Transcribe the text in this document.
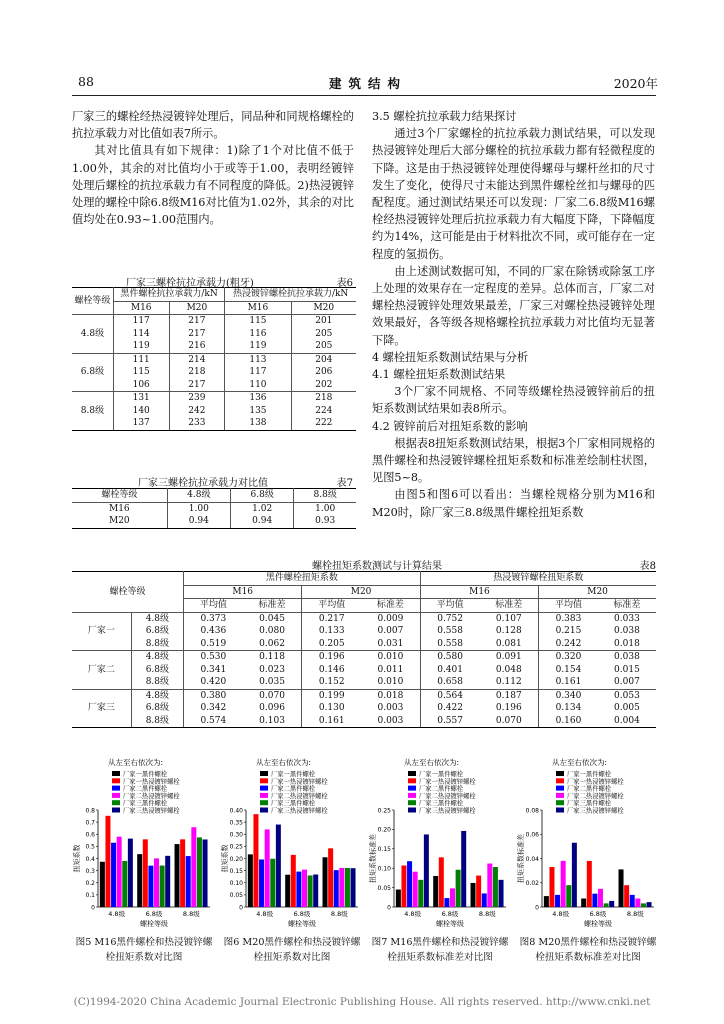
88	建筑结构	2020年

厂家三的螺栓经热浸镀锌处理后，同品种和同规格螺栓的抗拉承载力对比值如表7所示。

其对比值具有如下规律：1)除了1个对比值不低于1.00外，其余的对比值均小于或等于1.00，表明经镀锌处理后螺栓的抗拉承载力有不同程度的降低。2)热浸镀锌处理的螺栓中除6.8级M16对比值为1.02外，其余的对比值均处在0.93~1.00范围内。

厂家三螺栓抗拉承载力(粗牙)	表6
螺栓等级	黑件螺栓抗拉承载力/kN		热浸镀锌螺栓抗拉承载力/kN	
	M16	M20	M16	M20
4.8级	117	217	115	201
	114	217	116	205
	119	216	119	205
6.8级	111	214	113	204
	115	218	117	206
	106	217	110	202
8.8级	131	239	136	218
	140	242	135	224
	137	233	138	222
厂家三螺栓抗拉承载力对比值	表7
螺栓等级	4.8级	6.8级	8.8级
M16	1.00	1.02	1.00
M20	0.94	0.94	0.93

3.5 螺栓抗拉承载力结果探讨

通过3个厂家螺栓的抗拉承载力测试结果，可以发现热浸镀锌处理后大部分螺栓的抗拉承载力都有轻微程度的下降。这是由于热浸镀锌处理使得螺母与螺杆丝扣的尺寸发生了变化，使得尺寸未能达到黑件螺栓丝扣与螺母的匹配程度。通过测试结果还可以发现：厂家二6.8级M16螺栓经热浸镀锌处理后抗拉承载力有大幅度下降，下降幅度约为14%，这可能是由于材料批次不同，或可能存在一定程度的氢损伤。

由上述测试数据可知，不同的厂家在除锈或除氢工序上处理的效果存在一定程度的差异。总体而言，厂家二对螺栓热浸镀锌处理效果最差，厂家三对螺栓热浸镀锌处理效果最好，各等级各规格螺栓抗拉承载力对比值均无显著下降。

4 螺栓扭矩系数测试结果与分析

4.1 螺栓扭矩系数测试结果

3个厂家不同规格、不同等级螺栓热浸镀锌前后的扭矩系数测试结果如表8所示。

4.2 镀锌前后对扭矩系数的影响

根据表8扭矩系数测试结果，根据3个厂家相同规格的黑件螺栓和热浸镀锌螺栓扭矩系数和标准差绘制柱状图，见图5~8。

由图5和图6可以看出：当螺栓规格分别为M16和M20时，除厂家三8.8级黑件螺栓扭矩系数

螺栓扭矩系数测试与计算结果	表8
螺栓等级		黑件螺栓扭矩系数				热浸镀锌螺栓扭矩系数			
		M16		M20		M16		M20	
		平均值	标准差	平均值	标准差	平均值	标准差	平均值	标准差
厂家一	4.8级	0.373	0.045	0.217	0.009	0.752	0.107	0.383	0.033
	6.8级	0.436	0.080	0.133	0.007	0.558	0.128	0.215	0.038
	8.8级	0.519	0.062	0.205	0.031	0.558	0.081	0.242	0.018
厂家二	4.8级	0.530	0.118	0.196	0.010	0.580	0.091	0.320	0.038
	6.8级	0.341	0.023	0.146	0.011	0.401	0.048	0.154	0.015
	8.8级	0.420	0.035	0.152	0.010	0.658	0.112	0.161	0.007
厂家三	4.8级	0.380	0.070	0.199	0.018	0.564	0.187	0.340	0.053
	6.8级	0.342	0.096	0.130	0.003	0.422	0.196	0.134	0.005
	8.8级	0.574	0.103	0.161	0.003	0.557	0.070	0.160	0.004
从左至右依次为:
厂家一黑件螺栓
厂家一热浸镀锌螺栓
厂家二黑件螺栓
厂家二热浸镀锌螺栓
厂家三黑件螺栓
厂家三热浸镀锌螺栓
0
0.1
0.2
0.3
0.4
0.5
0.6
0.7
0.8
扭矩系数
4.8级	6.8级	8.8级
螺栓等级
从左至右依次为:
厂家一黑件螺栓
厂家一热浸镀锌螺栓
厂家二黑件螺栓
厂家二热浸镀锌螺栓
厂家三黑件螺栓
厂家三热浸镀锌螺栓
0
0.05
0.10
0.15
0.20
0.25
0.30
0.35
0.40
扭矩系数
4.8级	6.8级	8.8级
螺栓等级
从左至右依次为:
厂家一黑件螺栓
厂家一热浸镀锌螺栓
厂家二黑件螺栓
厂家二热浸镀锌螺栓
厂家三黑件螺栓
厂家三热浸镀锌螺栓
0
0.05
0.10
0.15
0.20
0.25
扭矩系数标准差
4.8级	6.8级	8.8级
螺栓等级
从左至右依次为:
厂家一黑件螺栓
厂家一热浸镀锌螺栓
厂家二黑件螺栓
厂家二热浸镀锌螺栓
厂家三黑件螺栓
厂家三热浸镀锌螺栓
0
0.02
0.04
0.06
0.08
扭矩系数标准差
4.8级	6.8级	8.8级
螺栓等级
图5 M16黑件螺栓和热浸镀锌螺栓扭矩系数对比图
图6 M20黑件螺栓和热浸镀锌螺栓扭矩系数对比图
图7 M16黑件螺栓和热浸镀锌螺栓扭矩系数标准差对比图
图8 M20黑件螺栓和热浸镀锌螺栓扭矩系数标准差对比图
(C)1994-2020 China Academic Journal Electronic Publishing House. All rights reserved. http://www.cnki.net
